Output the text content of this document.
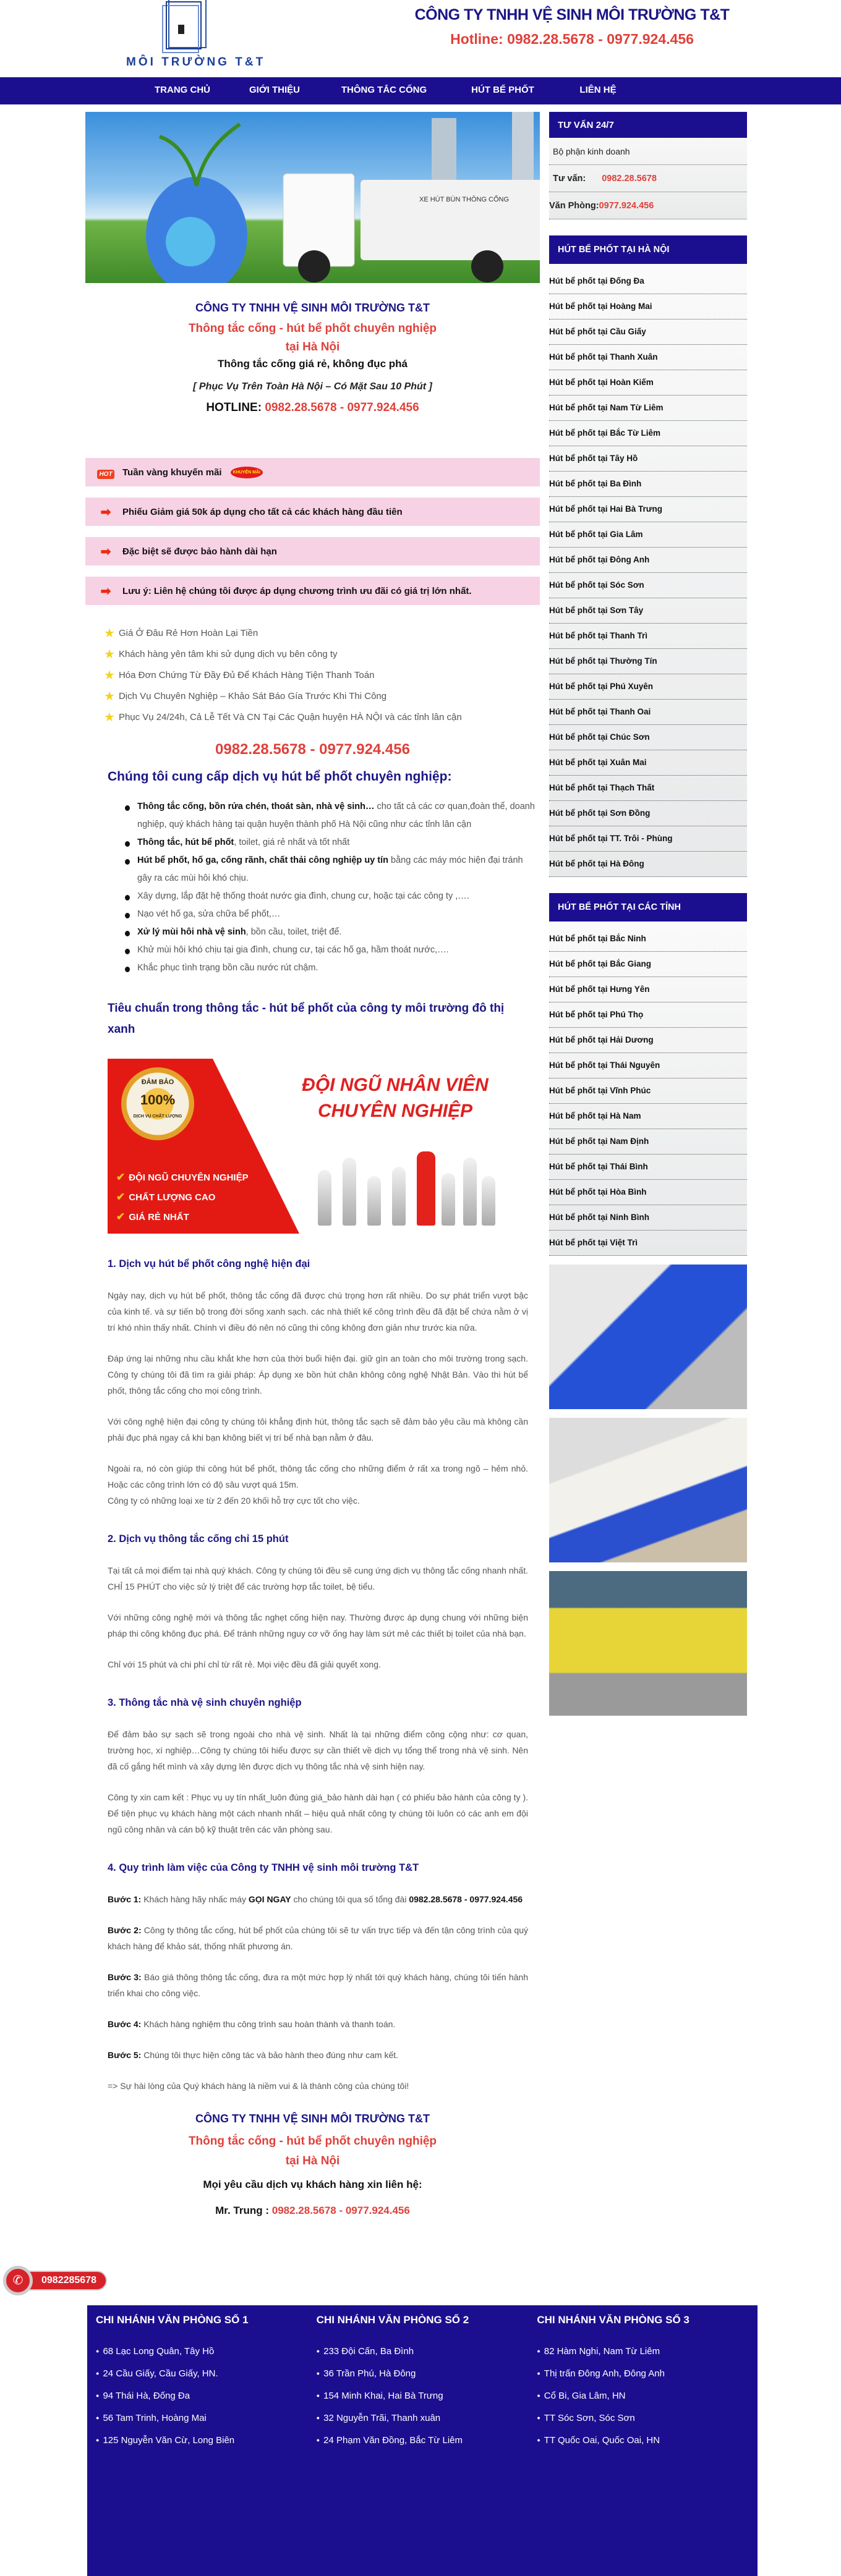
MÔI TRƯỜNG T&T
CÔNG TY TNHH VỆ SINH MÔI TRƯỜNG T&T
Hotline: 0982.28.5678 - 0977.924.456
TRANG CHỦ	GIỚI THIỆU	THÔNG TẮC CỐNG	HÚT BỂ PHỐT	LIÊN HỆ
XE HÚT BÙN THÔNG CỐNG
CÔNG TY TNHH VỆ SINH MÔI TRƯỜNG T&T
Thông tắc cống - hút bể phốt chuyên nghiệp
tại Hà Nội
Thông tắc cống giá rẻ, không đục phá
[ Phục Vụ Trên Toàn Hà Nội – Có Mặt Sau 10 Phút ]
HOTLINE: 0982.28.5678 - 0977.924.456
HOT Tuần vàng khuyến mãi	KHUYẾN MÃI
➡	Phiếu Giảm giá 50k áp dụng cho tất cả các khách hàng đầu tiên
➡	Đặc biệt sẽ được bảo hành dài hạn
➡	Lưu ý: Liên hệ chúng tôi được áp dụng chương trình ưu đãi có giá trị lớn nhất.
★ Giá Ở Đâu Rẻ Hơn Hoàn Lại Tiền
★ Khách hàng yên tâm khi sử dụng dịch vụ bên công ty
★ Hóa Đơn Chứng Từ Đầy Đủ Để Khách Hàng Tiện Thanh Toán
★ Dịch Vụ Chuyên Nghiệp – Khảo Sát Báo Gía Trước Khi Thi Công
★ Phục Vụ 24/24h, Cả Lễ Tết Và CN Tại Các Quận huyện HÀ NỘI và các tỉnh lân cận
0982.28.5678 - 0977.924.456
Chúng tôi cung cấp dịch vụ hút bể phốt chuyên nghiệp:
Thông tắc cống, bồn rửa chén, thoát sàn, nhà vệ sinh… cho tất cả các cơ quan,đoàn thể, doanh nghiệp, quý khách hàng tại quận huyện thành phố Hà Nội cũng như các tỉnh lân cận
Thông tắc, hút bể phốt, toilet, giá rẻ nhất và tốt nhất
Hút bể phốt, hố ga, cống rãnh, chất thải công nghiệp uy tín bằng các máy móc hiện đại tránh gây ra các mùi hôi khó chịu.
Xây dựng, lắp đặt hệ thống thoát nước gia đình, chung cư, hoặc tại các công ty ,….
Nạo vét hố ga, sửa chữa bể phốt,…
Xử lý mùi hôi nhà vệ sinh, bồn cầu, toilet, triệt để.
Khử mùi hôi khó chịu tại gia đình, chung cư, tại các hố ga, hầm thoát nước,….
Khắc phục tình trạng bồn cầu nước rút chậm.
Tiêu chuẩn trong thông tắc - hút bể phốt của công ty môi trường đô thị xanh
ĐẢM BẢO
100%
DỊCH VỤ CHẤT LƯỢNG
✔ ĐỘI NGŨ CHUYÊN NGHIỆP
✔ CHẤT LƯỢNG CAO
✔ GIÁ RẺ NHẤT
ĐỘI NGŨ NHÂN VIÊN
CHUYÊN NGHIỆP
1. Dịch vụ hút bể phốt công nghệ hiện đại

Ngày nay, dịch vụ hút bể phốt, thông tắc cống đã được chú trọng hơn rất nhiều. Do sự phát triển vượt bậc của kinh tế. và sự tiến bộ trong đời sống xanh sạch. các nhà thiết kế công trình đều đã đặt bể chứa nằm ở vị trí khó nhìn thấy nhất. Chính vì điều đó nên nó cũng thi công không đơn giản như trước kia nữa.

Đáp ứng lại những nhu cầu khắt khe hơn của thời buổi hiện đại. giữ gìn an toàn cho môi trường trong sạch. Công ty chúng tôi đã tìm ra giải pháp: Áp dụng xe bồn hút chân không công nghệ Nhật Bản. Vào thi hút bể phốt, thông tắc cống cho mọi công trình.

Với công nghệ hiện đại công ty chúng tôi khẳng định hút, thông tắc sạch sẽ đảm bảo yêu cầu mà không cần phải đục phá ngay cả khi bạn không biết vị trí bể nhà bạn nằm ở đâu.

Ngoài ra, nó còn giúp thi công hút bể phốt, thông tắc cống cho những điểm ở rất xa trong ngõ – hẻm nhỏ. Hoặc các công trình lớn có độ sâu vượt quá 15m.
Công ty có những loại xe từ 2 đến 20 khối hỗ trợ cực tốt cho việc.

2. Dịch vụ thông tắc cống chỉ 15 phút

Tại tất cả mọi điểm tại nhà quý khách. Công ty chúng tôi đều sẽ cung ứng dịch vụ thông tắc cống nhanh nhất. CHỈ 15 PHÚT cho việc sử lý triệt để các trường hợp tắc toilet, bệ tiểu.

Với những công nghệ mới và thông tắc nghẹt cống hiện nay. Thường được áp dụng chung với những biện pháp thi công không đục phá. Để tránh những nguy cơ vỡ ống hay làm sứt mẻ các thiết bị toilet của nhà bạn.

Chỉ với 15 phút và chi phí chỉ từ rất rẻ. Mọi việc đều đã giải quyết xong.

3. Thông tắc nhà vệ sinh chuyên nghiệp

Để đảm bảo sự sạch sẽ trong ngoài cho nhà vệ sinh. Nhất là tại những điểm công cộng như: cơ quan, trường học, xí nghiệp…Công ty chúng tôi hiểu được sự cần thiết về dịch vụ tổng thể trong nhà vệ sinh. Nên đã cố gắng hết mình và xây dựng lên được dịch vụ thông tắc nhà vệ sinh hiện nay.

Công ty xin cam kết : Phục vụ uy tín nhất_luôn đúng giá_bảo hành dài hạn ( có phiếu bảo hành của công ty ). Để tiện phục vụ khách hàng một cách nhanh nhất – hiệu quả nhất công ty chúng tôi luôn có các anh em đội ngũ công nhân và cán bộ kỹ thuật trên các văn phòng sau.

4. Quy trình làm việc của Công ty TNHH vệ sinh môi trường T&T

Bước 1: Khách hàng hãy nhấc máy GỌI NGAY cho chúng tôi qua số tổng đài 0982.28.5678 - 0977.924.456

Bước 2: Công ty thông tắc cống, hút bể phốt của chúng tôi sẽ tư vấn trực tiếp và đến tận công trình của quý khách hàng để khảo sát, thống nhất phương án.

Bước 3: Báo giá thông thông tắc cống, đưa ra một mức hợp lý nhất tới quý khách hàng, chúng tôi tiến hành triển khai cho công việc.

Bước 4: Khách hàng nghiệm thu công trình sau hoàn thành và thanh toán.

Bước 5: Chúng tôi thực hiện công tác và bảo hành theo đúng như cam kết.

=> Sự hài lòng của Quý khách hàng là niềm vui & là thành công của chúng tôi!

CÔNG TY TNHH VỆ SINH MÔI TRƯỜNG T&T
Thông tắc cống - hút bể phốt chuyên nghiệp
tại Hà Nội
Mọi yêu cầu dịch vụ khách hàng xin liên hệ:
Mr. Trung : 0982.28.5678 - 0977.924.456
TƯ VẤN 24/7
Bộ phận kinh doanh
Tư vấn: 0982.28.5678
Văn Phòng: 0977.924.456
HÚT BỂ PHỐT TẠI HÀ NỘI
Hút bể phốt tại Đống Đa
Hút bể phốt tại Hoàng Mai
Hút bể phốt tại Cầu Giấy
Hút bể phốt tại Thanh Xuân
Hút bể phốt tại Hoàn Kiếm
Hút bể phốt tại Nam Từ Liêm
Hút bể phốt tại Bắc Từ Liêm
Hút bể phốt tại Tây Hồ
Hút bể phốt tại Ba Đình
Hút bể phốt tại Hai Bà Trưng
Hút bể phốt tại Gia Lâm
Hút bể phốt tại Đông Anh
Hút bể phốt tại Sóc Sơn
Hút bể phốt tại Sơn Tây
Hút bể phốt tại Thanh Trì
Hút bể phốt tại Thường Tín
Hút bể phốt tại Phú Xuyên
Hút bể phốt tại Thanh Oai
Hút bể phốt tại Chúc Sơn
Hút bể phốt tại Xuân Mai
Hút bể phốt tại Thạch Thất
Hút bể phốt tại Sơn Đồng
Hút bể phốt tại TT. Trôi - Phùng
Hút bể phốt tại Hà Đông
HÚT BỂ PHỐT TẠI CÁC TỈNH
Hút bể phốt tại Bắc Ninh
Hút bể phốt tại Bắc Giang
Hút bể phốt tại Hưng Yên
Hút bể phốt tại Phú Thọ
Hút bể phốt tại Hải Dương
Hút bể phốt tại Thái Nguyên
Hút bể phốt tại Vĩnh Phúc
Hút bể phốt tại Hà Nam
Hút bể phốt tại Nam Định
Hút bể phốt tại Thái Bình
Hút bể phốt tại Hòa Bình
Hút bể phốt tại Ninh Bình
Hút bể phốt tại Việt Trì
0982285678
✆
CHI NHÁNH VĂN PHÒNG SỐ 1
● 68 Lạc Long Quân, Tây Hồ
● 24 Cầu Giấy, Cầu Giấy, HN.
● 94 Thái Hà, Đống Đa
● 56 Tam Trinh, Hoàng Mai
● 125 Nguyễn Văn Cừ, Long Biên
CHI NHÁNH VĂN PHÒNG SỐ 2
● 233 Đội Cấn, Ba Đình
● 36 Trần Phú, Hà Đông
● 154 Minh Khai, Hai Bà Trưng
● 32 Nguyễn Trãi, Thanh xuân
● 24 Phạm Văn Đồng, Bắc Từ Liêm
CHI NHÁNH VĂN PHÒNG SỐ 3
● 82 Hàm Nghi, Nam Từ Liêm
● Thị trấn Đông Anh, Đông Anh
● Cổ Bi, Gia Lâm, HN
● TT Sóc Sơn, Sóc Sơn
● TT Quốc Oai, Quốc Oai, HN
